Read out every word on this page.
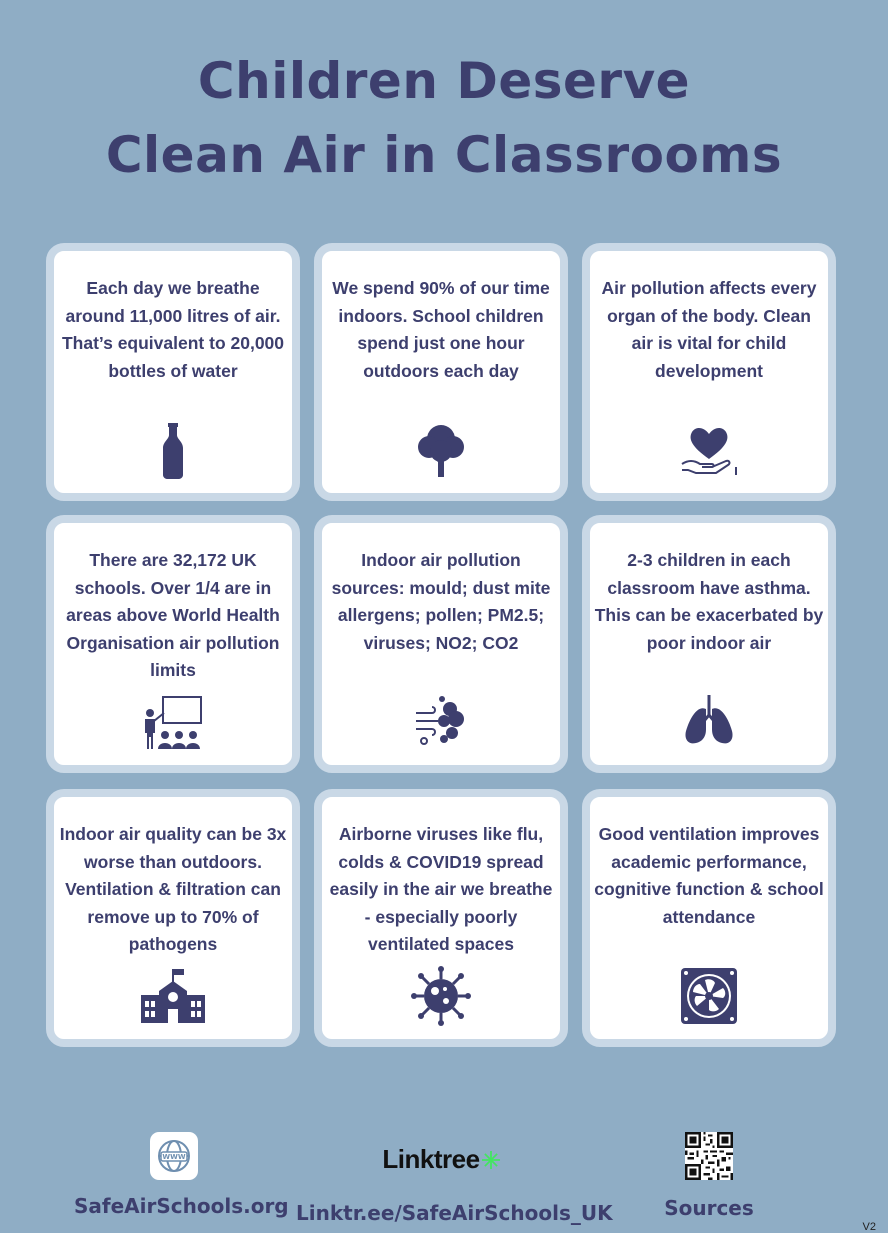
Children Deserve
Clean Air in Classrooms
Each day we breathe around 11,000 litres of air. That’s equivalent to 20,000 bottles of water
We spend 90% of our time indoors. School children spend just one hour outdoors each day
Air pollution affects every organ of the body. Clean air is vital for child development
There are 32,172 UK schools. Over 1/4 are in areas above World Health Organisation air pollution limits
Indoor air pollution sources: mould; dust mite allergens; pollen; PM2.5; viruses; NO2; CO2
2-3 children in each classroom have asthma. This can be exacerbated by poor indoor air
Indoor air quality can be 3x worse than outdoors. Ventilation & filtration can remove up to 70% of pathogens
Airborne viruses like flu, colds & COVID19 spread easily in the air we breathe - especially poorly ventilated spaces
Good ventilation improves academic performance, cognitive function & school attendance
WWW
SafeAirSchools.org
Linktree
Linktr.ee/SafeAirSchools_UK	Sources
V2
